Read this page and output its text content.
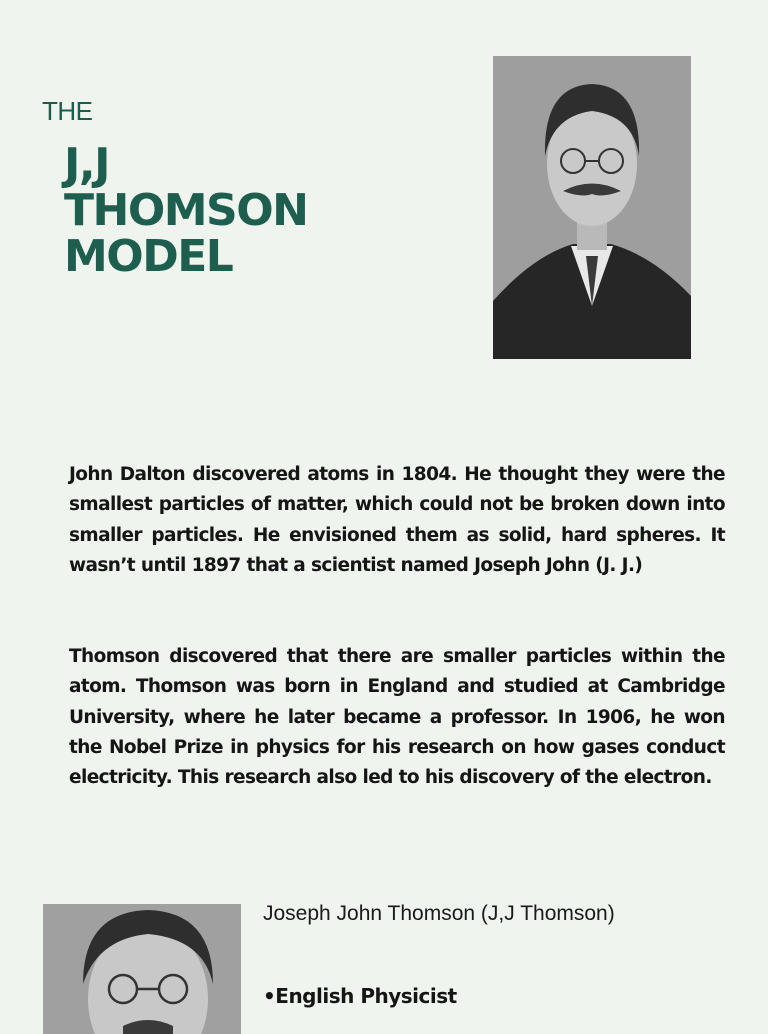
THE
J,J
THOMSON
MODEL

John Dalton discovered atoms in 1804. He thought they were the smallest particles of matter, which could not be broken down into smaller particles. He envisioned them as solid, hard spheres. It wasn’t until 1897 that a scientist named Joseph John (J. J.)

Thomson discovered that there are smaller particles within the atom. Thomson was born in England and studied at Cambridge University, where he later became a professor. In 1906, he won the Nobel Prize in physics for his research on how gases conduct electricity. This research also led to his discovery of the electron.

Joseph John Thomson (J,J Thomson)
•English Physicist
